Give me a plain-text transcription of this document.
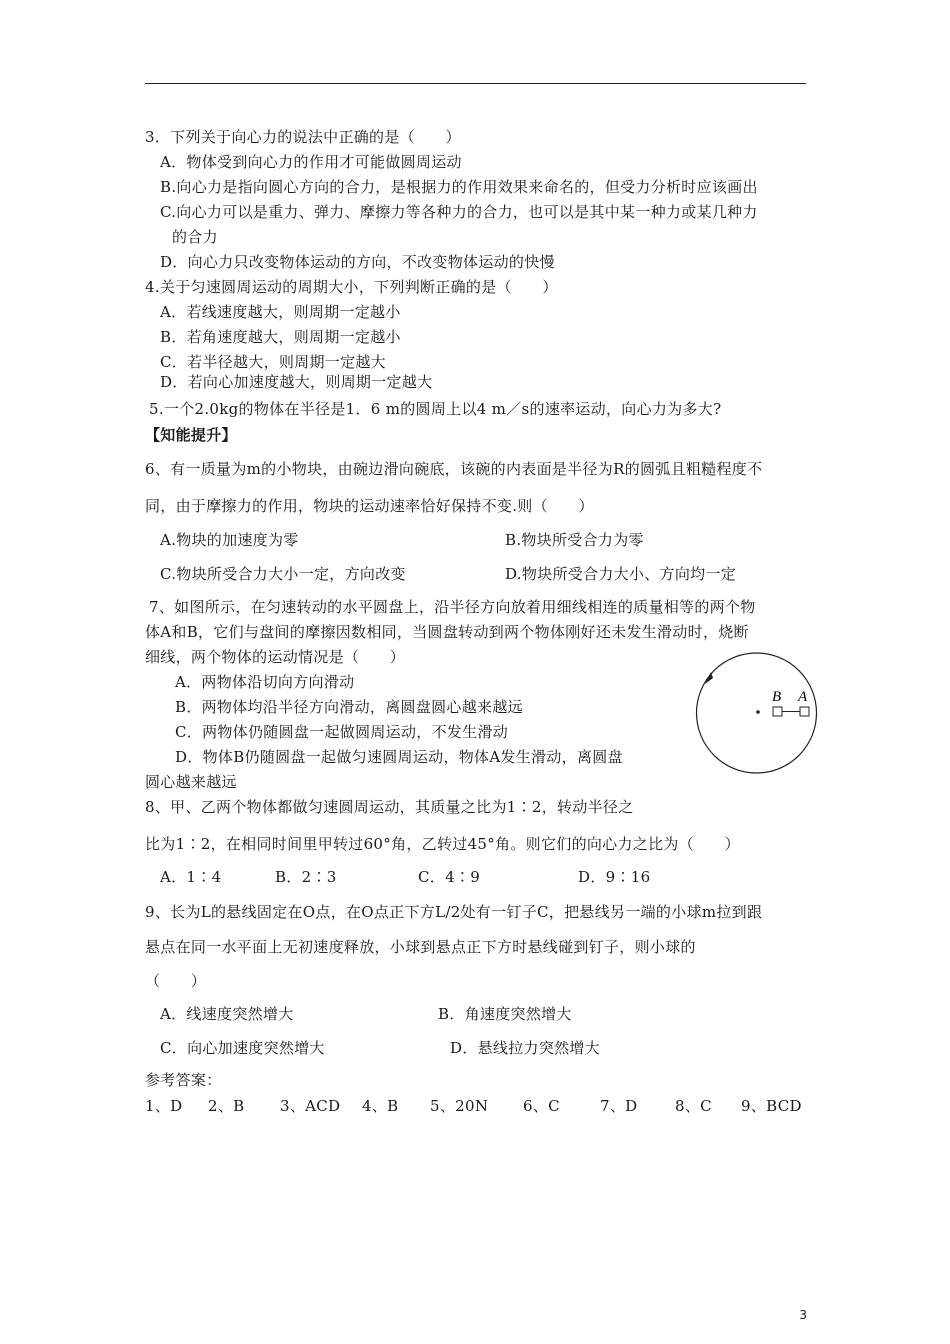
3．下列关于向心力的说法中正确的是（　　）
A．物体受到向心力的作用才可能做圆周运动
B.向心力是指向圆心方向的合力，是根据力的作用效果来命名的，但受力分析时应该画出
C.向心力可以是重力、弹力、摩擦力等各种力的合力，也可以是其中某一种力或某几种力
的合力
D．向心力只改变物体运动的方向，不改变物体运动的快慢
4.关于匀速圆周运动的周期大小，下列判断正确的是（　　）
A．若线速度越大，则周期一定越小
B．若角速度越大，则周期一定越小
C．若半径越大，则周期一定越大
D．若向心加速度越大，则周期一定越大
5.一个2.0kg的物体在半径是1．6 m的圆周上以4 m／s的速率运动，向心力为多大?
【知能提升】
6、有一质量为m的小物块，由碗边滑向碗底，该碗的内表面是半径为R的圆弧且粗糙程度不
同，由于摩擦力的作用，物块的运动速率恰好保持不变.则（　　）
A.物块的加速度为零	B.物块所受合力为零
C.物块所受合力大小一定，方向改变	D.物块所受合力大小、方向均一定
7、如图所示，在匀速转动的水平圆盘上，沿半径方向放着用细线相连的质量相等的两个物
体A和B，它们与盘间的摩擦因数相同，当圆盘转动到两个物体刚好还未发生滑动时，烧断
细线，两个物体的运动情况是（　　）
A．两物体沿切向方向滑动
B．两物体均沿半径方向滑动，离圆盘圆心越来越远
C．两物体仍随圆盘一起做圆周运动，不发生滑动
D．物体B仍随圆盘一起做匀速圆周运动，物体A发生滑动，离圆盘
圆心越来越远
B A
8、甲、乙两个物体都做匀速圆周运动，其质量之比为1∶2，转动半径之
比为1∶2，在相同时间里甲转过60°角，乙转过45°角。则它们的向心力之比为（　　）
A．1∶4	B．2∶3	C．4∶9	D．9∶16
9、长为L的悬线固定在O点，在O点正下方L/2处有一钉子C，把悬线另一端的小球m拉到跟
悬点在同一水平面上无初速度释放，小球到悬点正下方时悬线碰到钉子，则小球的
（　　）
A．线速度突然增大	B．角速度突然增大
C．向心加速度突然增大	D．悬线拉力突然增大
参考答案：
1、D 2、B 3、ACD 4、B 5、20N 6、C	7、D	8、C 9、BCD
3
